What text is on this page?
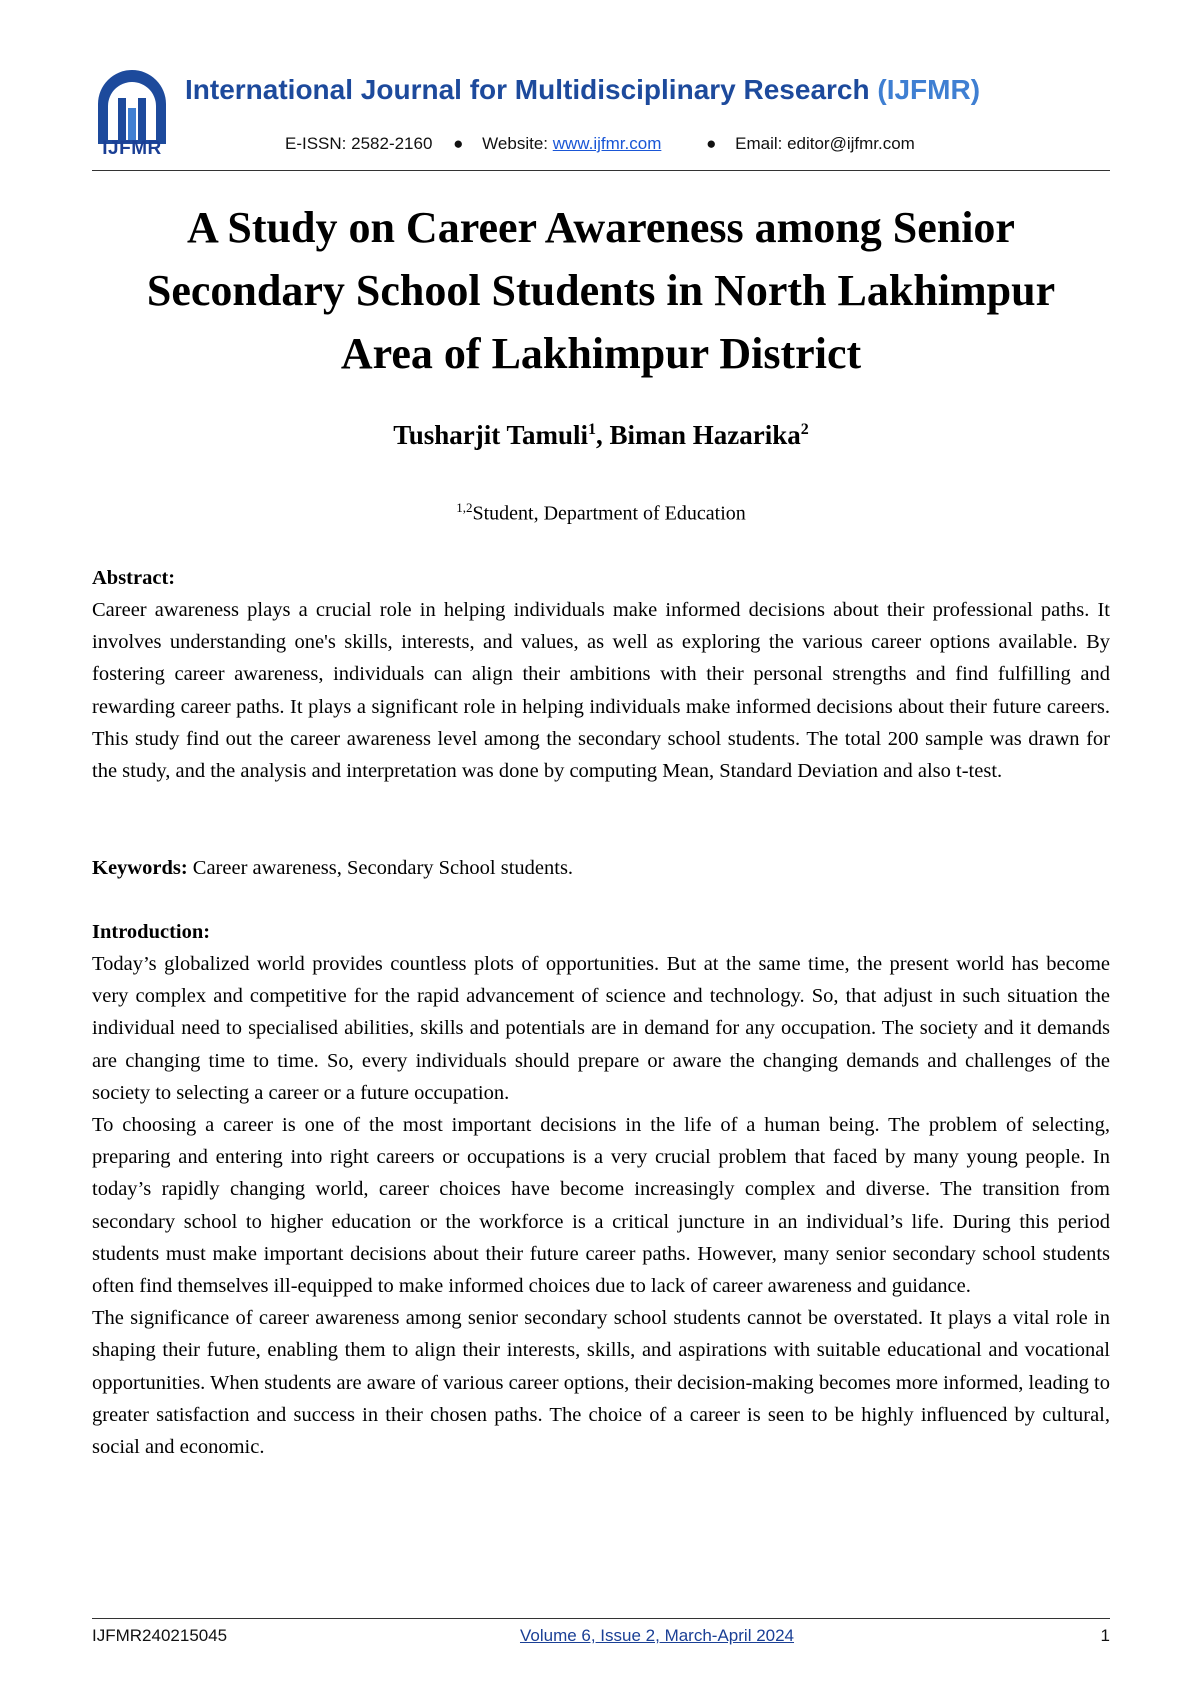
IJFMR
International Journal for Multidisciplinary Research (IJFMR)
E-ISSN: 2582-2160 ● Website: www.ijfmr.com	● Email: editor@ijfmr.com
A Study on Career Awareness among Senior
Secondary School Students in North Lakhimpur
Area of Lakhimpur District
Tusharjit Tamuli$^1$, Biman Hazarika$^2$
$^{1,2}$Student, Department of Education
Abstract:
Career awareness plays a crucial role in helping individuals make informed decisions about their professional paths. It involves understanding one's skills, interests, and values, as well as exploring the various career options available. By fostering career awareness, individuals can align their ambitions with their personal strengths and find fulfilling and rewarding career paths. It plays a significant role in helping individuals make informed decisions about their future careers. This study find out the career awareness level among the secondary school students. The total 200 sample was drawn for the study, and the analysis and interpretation was done by computing Mean, Standard Deviation and also t-test.
Keywords: Career awareness, Secondary School students.
Introduction:

Today’s globalized world provides countless plots of opportunities. But at the same time, the present world has become very complex and competitive for the rapid advancement of science and technology. So, that adjust in such situation the individual need to specialised abilities, skills and potentials are in demand for any occupation. The society and it demands are changing time to time. So, every individuals should prepare or aware the changing demands and challenges of the society to selecting a career or a future occupation.

To choosing a career is one of the most important decisions in the life of a human being. The problem of selecting, preparing and entering into right careers or occupations is a very crucial problem that faced by many young people. In today’s rapidly changing world, career choices have become increasingly complex and diverse. The transition from secondary school to higher education or the workforce is a critical juncture in an individual’s life. During this period students must make important decisions about their future career paths. However, many senior secondary school students often find themselves ill-equipped to make informed choices due to lack of career awareness and guidance.

The significance of career awareness among senior secondary school students cannot be overstated. It plays a vital role in shaping their future, enabling them to align their interests, skills, and aspirations with suitable educational and vocational opportunities. When students are aware of various career options, their decision-making becomes more informed, leading to greater satisfaction and success in their chosen paths. The choice of a career is seen to be highly influenced by cultural, social and economic.

IJFMR240215045	Volume 6, Issue 2, March-April 2024	1
